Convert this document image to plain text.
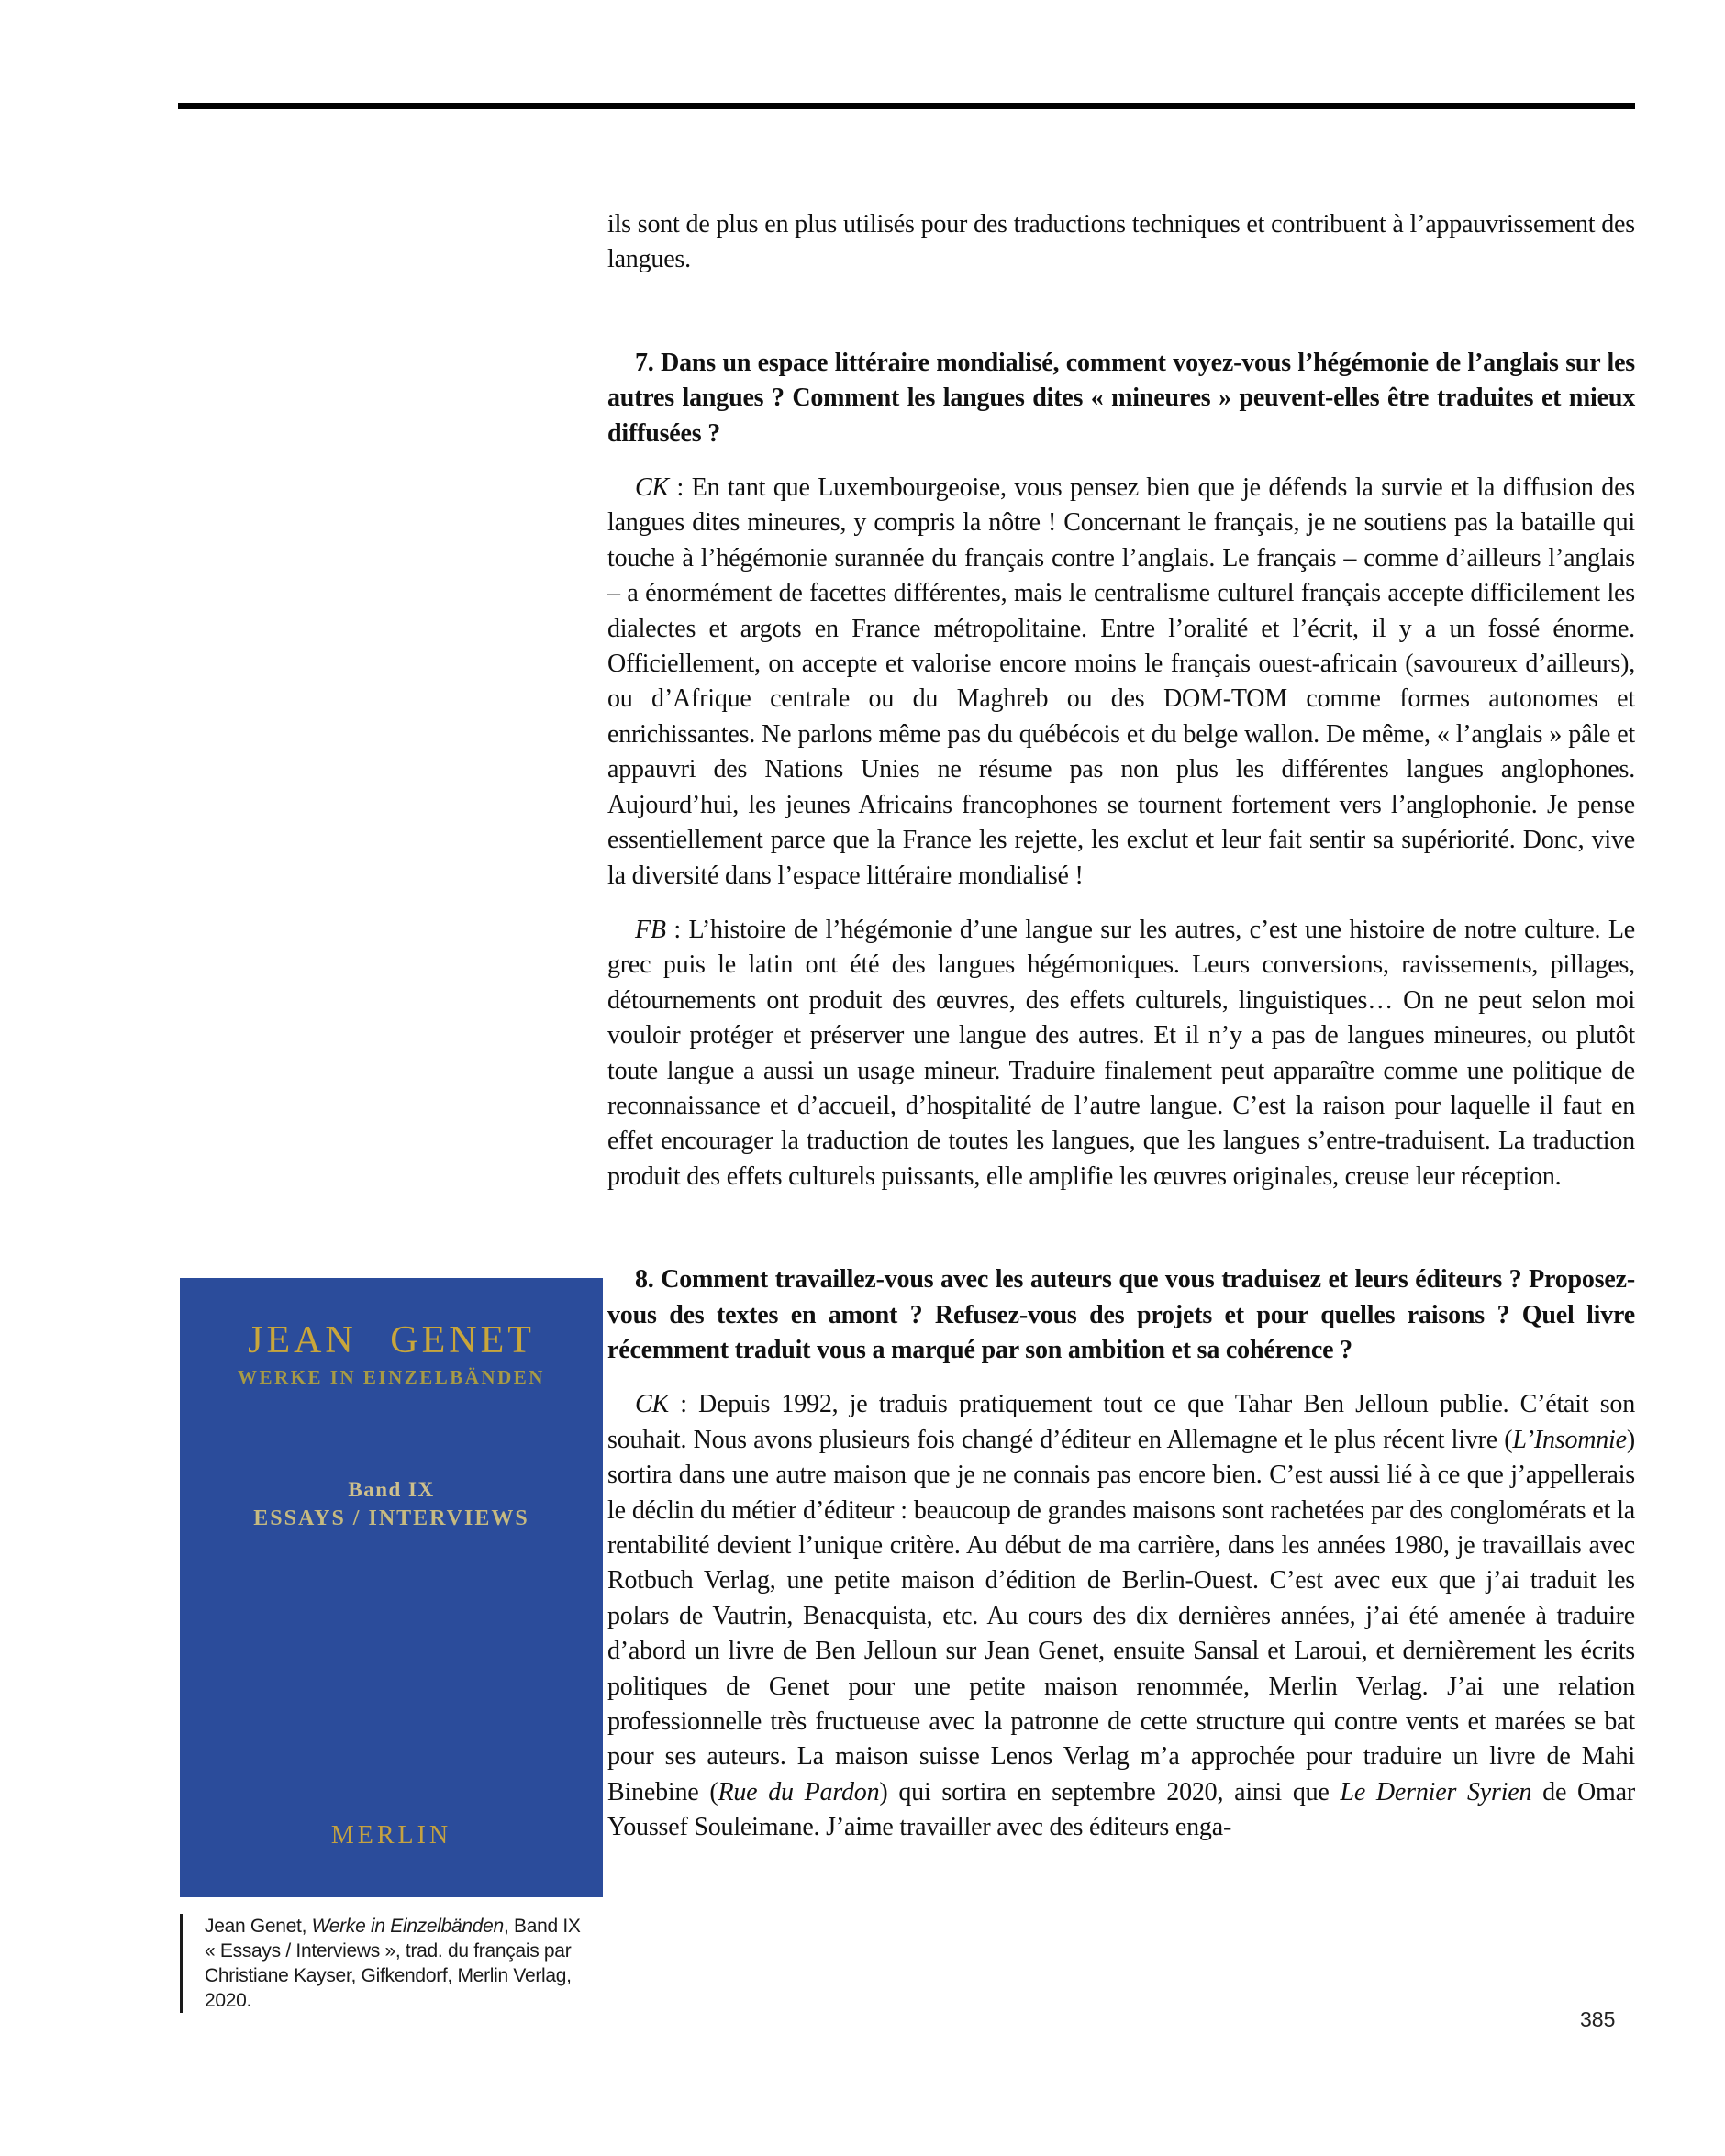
ils sont de plus en plus utilisés pour des traductions techniques et contribuent à l’appauvrissement des langues.

7. Dans un espace littéraire mondialisé, comment voyez-vous l’hégémonie de l’anglais sur les autres langues ? Comment les langues dites « mineures » peuvent-elles être traduites et mieux diffusées ?

CK : En tant que Luxembourgeoise, vous pensez bien que je défends la survie et la diffusion des langues dites mineures, y compris la nôtre ! Concernant le français, je ne soutiens pas la bataille qui touche à l’hégémonie surannée du français contre l’anglais. Le français – comme d’ailleurs l’anglais – a énormément de facettes différentes, mais le centralisme culturel français accepte difficilement les dialectes et argots en France métropolitaine. Entre l’oralité et l’écrit, il y a un fossé énorme. Officiellement, on accepte et valorise encore moins le français ouest-africain (savoureux d’ailleurs), ou d’Afrique centrale ou du Maghreb ou des DOM-TOM comme formes autonomes et enrichissantes. Ne parlons même pas du québécois et du belge wallon. De même, « l’anglais » pâle et appauvri des Nations Unies ne résume pas non plus les différentes langues anglophones. Aujourd’hui, les jeunes Africains francophones se tournent fortement vers l’anglophonie. Je pense essentiellement parce que la France les rejette, les exclut et leur fait sentir sa supériorité. Donc, vive la diversité dans l’espace littéraire mondialisé !

FB : L’histoire de l’hégémonie d’une langue sur les autres, c’est une histoire de notre culture. Le grec puis le latin ont été des langues hégémoniques. Leurs conversions, ravissements, pillages, détournements ont produit des œuvres, des effets culturels, linguistiques… On ne peut selon moi vouloir protéger et préserver une langue des autres. Et il n’y a pas de langues mineures, ou plutôt toute langue a aussi un usage mineur. Traduire finalement peut apparaître comme une politique de reconnaissance et d’accueil, d’hospitalité de l’autre langue. C’est la raison pour laquelle il faut en effet encourager la traduction de toutes les langues, que les langues s’entre-traduisent. La traduction produit des effets culturels puissants, elle amplifie les œuvres originales, creuse leur réception.

8. Comment travaillez-vous avec les auteurs que vous traduisez et leurs éditeurs ? Proposez-vous des textes en amont ? Refusez-vous des projets et pour quelles raisons ? Quel livre récemment traduit vous a marqué par son ambition et sa cohérence ?

CK : Depuis 1992, je traduis pratiquement tout ce que Tahar Ben Jelloun publie. C’était son souhait. Nous avons plusieurs fois changé d’éditeur en Allemagne et le plus récent livre (L’Insomnie) sortira dans une autre maison que je ne connais pas encore bien. C’est aussi lié à ce que j’appellerais le déclin du métier d’éditeur : beaucoup de grandes maisons sont rachetées par des conglomérats et la rentabilité devient l’unique critère. Au début de ma carrière, dans les années 1980, je travaillais avec Rotbuch Verlag, une petite maison d’édition de Berlin-Ouest. C’est avec eux que j’ai traduit les polars de Vautrin, Benacquista, etc. Au cours des dix dernières années, j’ai été amenée à traduire d’abord un livre de Ben Jelloun sur Jean Genet, ensuite Sansal et Laroui, et dernièrement les écrits politiques de Genet pour une petite maison renommée, Merlin Verlag. J’ai une relation professionnelle très fructueuse avec la patronne de cette structure qui contre vents et marées se bat pour ses auteurs. La maison suisse Lenos Verlag m’a approchée pour traduire un livre de Mahi Binebine (Rue du Pardon) qui sortira en septembre 2020, ainsi que Le Dernier Syrien de Omar Youssef Souleimane. J’aime travailler avec des éditeurs enga-

JEAN GENET
WERKE IN EINZELBÄNDEN
Band IX
ESSAYS / INTERVIEWS
MERLIN
Jean Genet, Werke in Einzelbänden, Band IX « Essays / Interviews », trad. du français par Christiane Kayser, Gifkendorf, Merlin Verlag, 2020.
385
